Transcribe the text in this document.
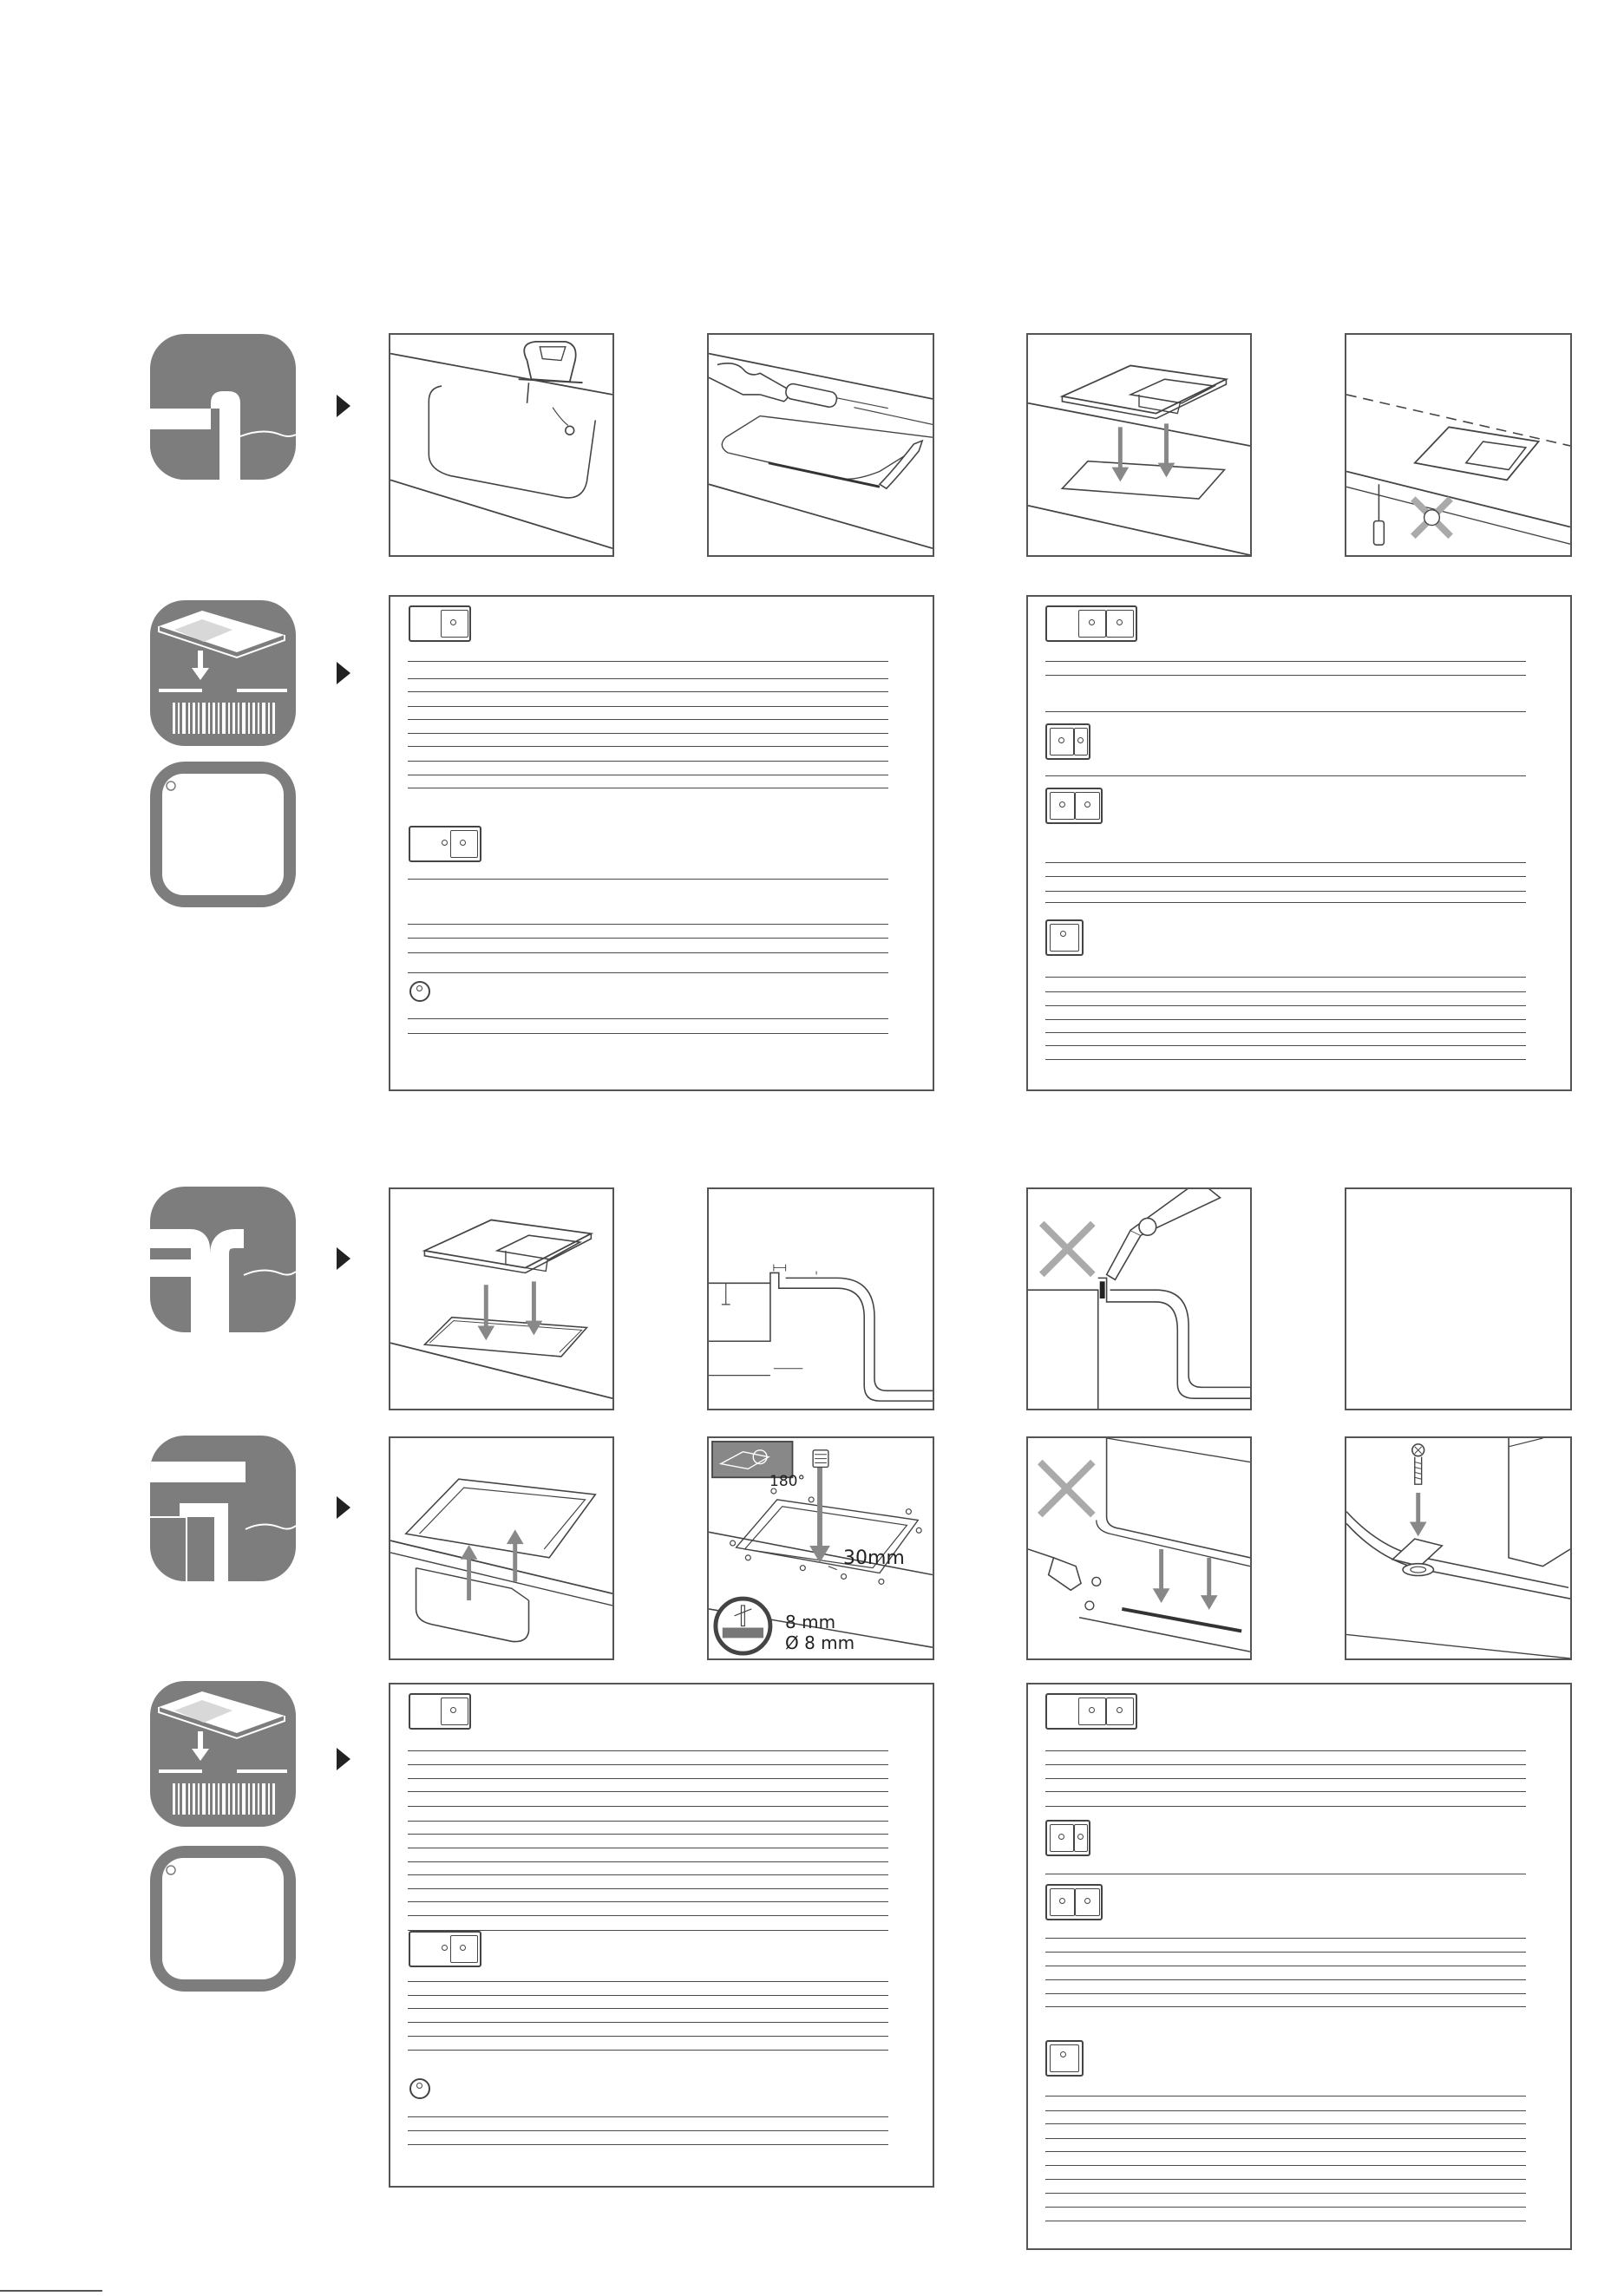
180°
30mm
8 mm
Ø 8 mm
